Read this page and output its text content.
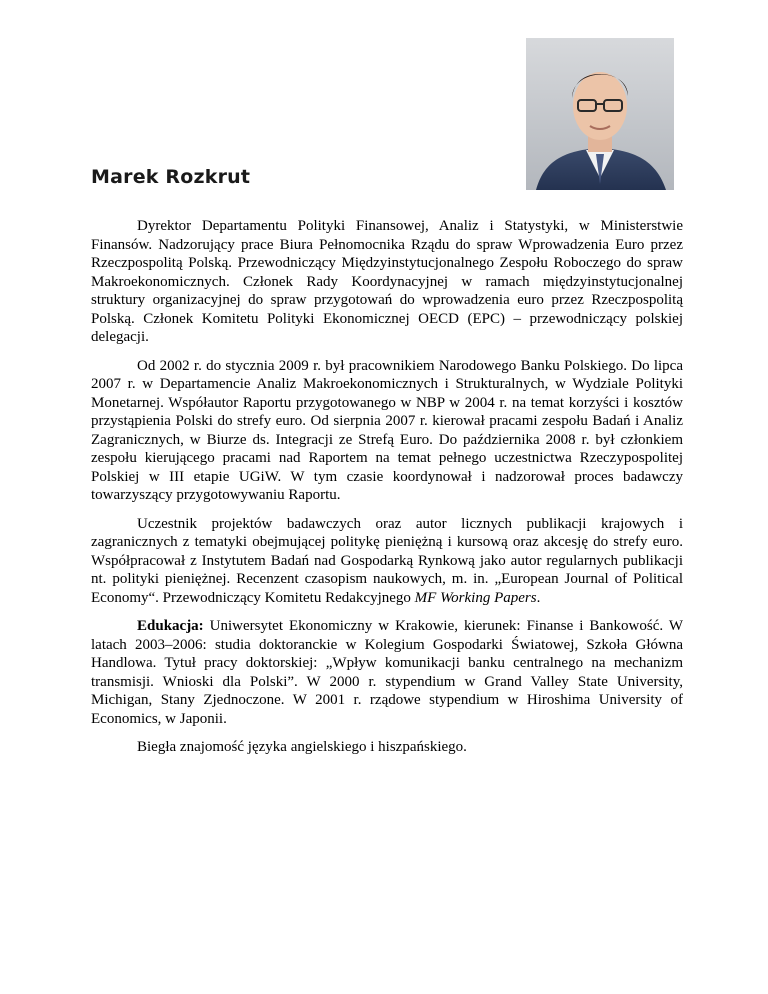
Marek Rozkrut

Dyrektor Departamentu Polityki Finansowej, Analiz i Statystyki, w Ministerstwie Finansów. Nadzorujący prace Biura Pełnomocnika Rządu do spraw Wprowadzenia Euro przez Rzeczpospolitą Polską. Przewodniczący Międzyinstytucjonalnego Zespołu Roboczego do spraw Makroekonomicznych. Członek Rady Koordynacyjnej w ramach międzyinstytucjonalnej struktury organizacyjnej do spraw przygotowań do wprowadzenia euro przez Rzeczpospolitą Polską. Członek Komitetu Polityki Ekonomicznej OECD (EPC) – przewodniczący polskiej delegacji.

Od 2002 r. do stycznia 2009 r. był pracownikiem Narodowego Banku Polskiego. Do lipca 2007 r. w Departamencie Analiz Makroekonomicznych i Strukturalnych, w Wydziale Polityki Monetarnej. Współautor Raportu przygotowanego w NBP w 2004 r. na temat korzyści i kosztów przystąpienia Polski do strefy euro. Od sierpnia 2007 r. kierował pracami zespołu Badań i Analiz Zagranicznych, w Biurze ds. Integracji ze Strefą Euro. Do października 2008 r. był członkiem zespołu kierującego pracami nad Raportem na temat pełnego uczestnictwa Rzeczypospolitej Polskiej w III etapie UGiW. W tym czasie koordynował i nadzorował proces badawczy towarzyszący przygotowywaniu Raportu.

Uczestnik projektów badawczych oraz autor licznych publikacji krajowych i zagranicznych z tematyki obejmującej politykę pieniężną i kursową oraz akcesję do strefy euro. Współpracował z Instytutem Badań nad Gospodarką Rynkową jako autor regularnych publikacji nt. polityki pieniężnej. Recenzent czasopism naukowych, m. in. „European Journal of Political Economy“. Przewodniczący Komitetu Redakcyjnego MF Working Papers.

Edukacja: Uniwersytet Ekonomiczny w Krakowie, kierunek: Finanse i Bankowość. W latach 2003–2006: studia doktoranckie w Kolegium Gospodarki Światowej, Szkoła Główna Handlowa. Tytuł pracy doktorskiej: „Wpływ komunikacji banku centralnego na mechanizm transmisji. Wnioski dla Polski”. W 2000 r. stypendium w Grand Valley State University, Michigan, Stany Zjednoczone. W 2001 r. rządowe stypendium w Hiroshima University of Economics, w Japonii.

Biegła znajomość języka angielskiego i hiszpańskiego.
